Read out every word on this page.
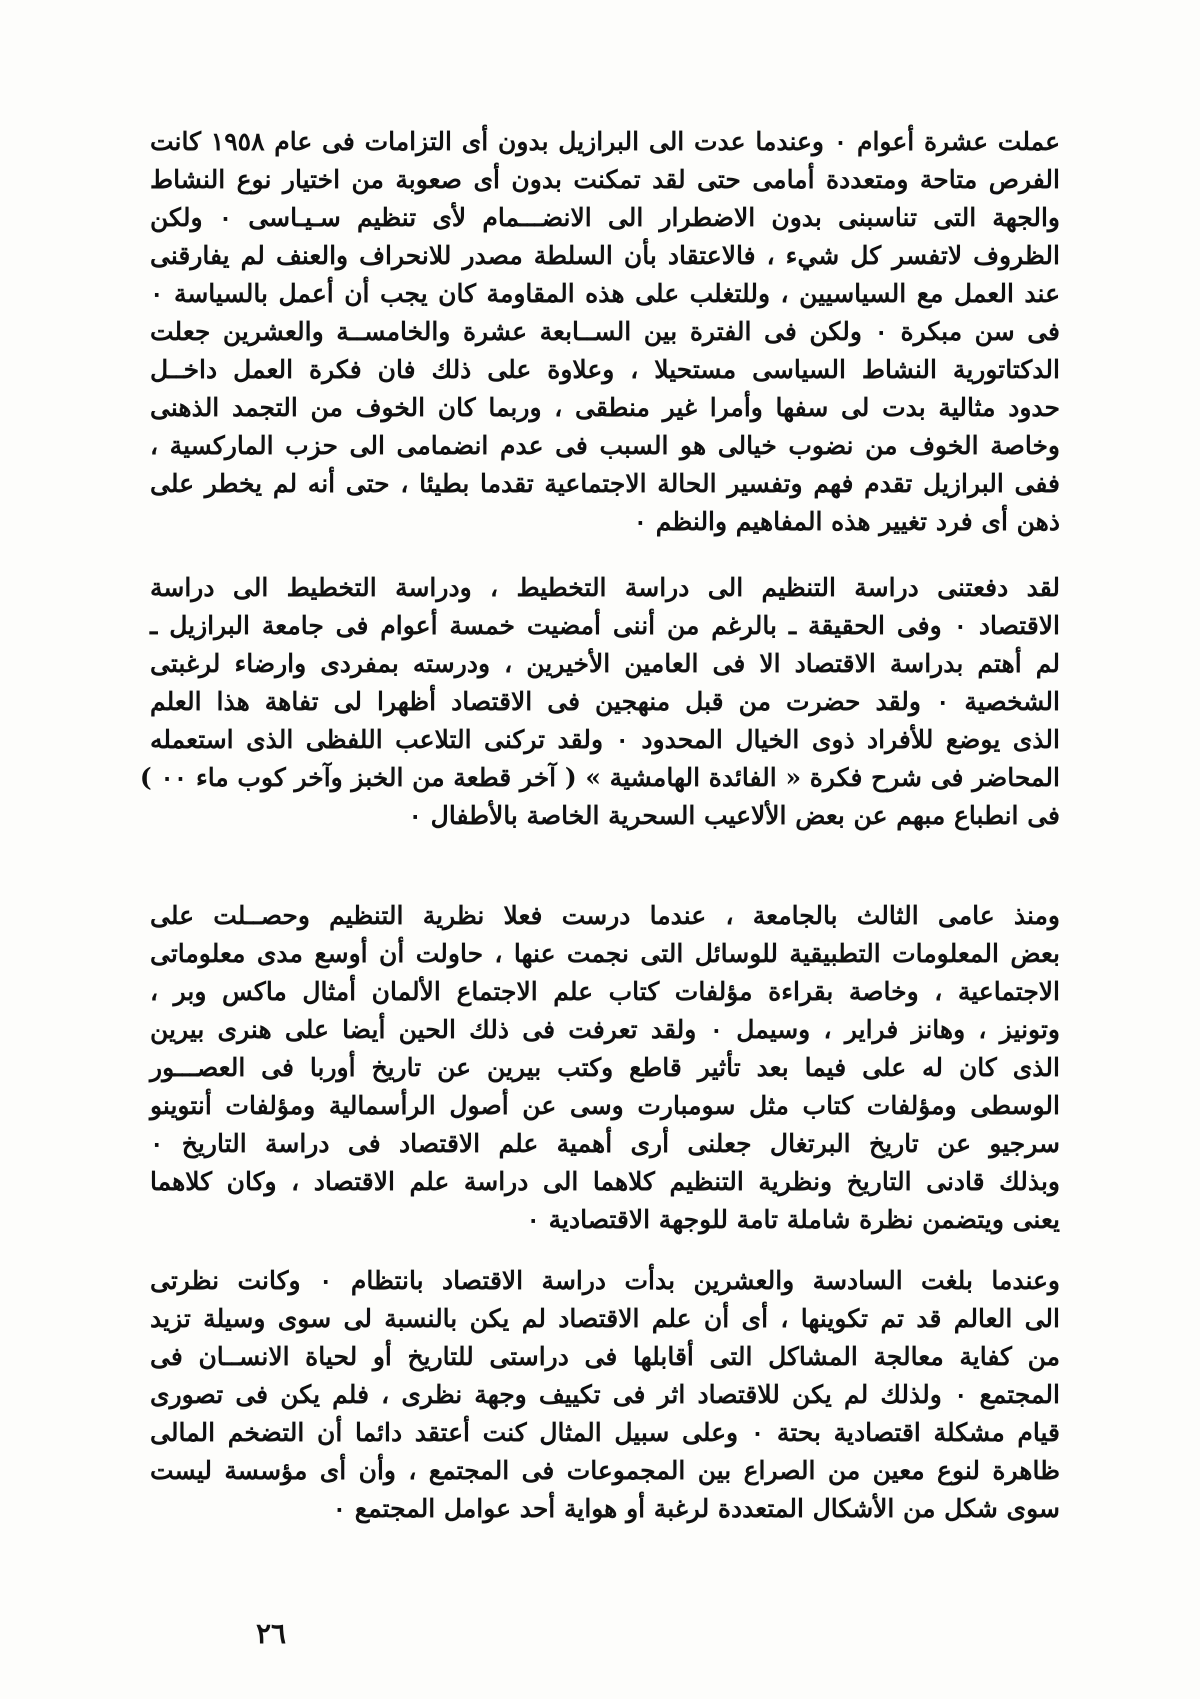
عملت عشرة أعوام ٠ وعندما عدت الى البرازيل بدون أى التزامات فى عام ١٩٥٨ كانت
الفرص متاحة ومتعددة أمامى حتى لقد تمكنت بدون أى صعوبة من اختيار نوع النشاط
والجهة التى تناسبنى بدون الاضطرار الى الانضـــمام لأى تنظيم سـيـاسى ٠ ولكن
الظروف لاتفسر كل شيء ، فالاعتقاد بأن السلطة مصدر للانحراف والعنف لم يفارقنى
عند العمل مع السياسيين ، وللتغلب على هذه المقاومة كان يجب أن أعمل بالسياسة ٠
فى سن مبكرة ٠ ولكن فى الفترة بين الســابعة عشرة والخامســة والعشرين جعلت
الدكتاتورية النشاط السياسى مستحيلا ، وعلاوة على ذلك فان فكرة العمل داخــل
حدود مثالية بدت لى سفها وأمرا غير منطقى ، وربما كان الخوف من التجمد الذهنى
وخاصة الخوف من نضوب خيالى هو السبب فى عدم انضمامى الى حزب الماركسية ،
ففى البرازيل تقدم فهم وتفسير الحالة الاجتماعية تقدما بطيئا ، حتى أنه لم يخطر على
ذهن أى فرد تغيير هذه المفاهيم والنظم ٠
لقد دفعتنى دراسة التنظيم الى دراسة التخطيط ، ودراسة التخطيط الى دراسة
الاقتصاد ٠ وفى الحقيقة ـ بالرغم من أننى أمضيت خمسة أعوام فى جامعة البرازيل ـ
لم أهتم بدراسة الاقتصاد الا فى العامين الأخيرين ، ودرسته بمفردى وارضاء لرغبتى
الشخصية ٠ ولقد حضرت من قبل منهجين فى الاقتصاد أظهرا لى تفاهة هذا العلم
الذى يوضع للأفراد ذوى الخيال المحدود ٠ ولقد تركنى التلاعب اللفظى الذى استعمله
المحاضر فى شرح فكرة « الفائدة الهامشية » ( آخر قطعة من الخبز وآخر كوب ماء ٠٠ )
فى انطباع مبهم عن بعض الألاعيب السحرية الخاصة بالأطفال ٠
ومنذ عامى الثالث بالجامعة ، عندما درست فعلا نظرية التنظيم وحصــلت على
بعض المعلومات التطبيقية للوسائل التى نجمت عنها ، حاولت أن أوسع مدى معلوماتى
الاجتماعية ، وخاصة بقراءة مؤلفات كتاب علم الاجتماع الألمان أمثال ماكس وبر ،
وتونيز ، وهانز فراير ، وسيمل ٠ ولقد تعرفت فى ذلك الحين أيضا على هنرى بيرين
الذى كان له على فيما بعد تأثير قاطع وكتب بيرين عن تاريخ أوربا فى العصـــور
الوسطى ومؤلفات كتاب مثل سومبارت وسى عن أصول الرأسمالية ومؤلفات أنتوينو
سرجيو عن تاريخ البرتغال جعلنى أرى أهمية علم الاقتصاد فى دراسة التاريخ ٠
وبذلك قادنى التاريخ ونظرية التنظيم كلاهما الى دراسة علم الاقتصاد ، وكان كلاهما
يعنى ويتضمن نظرة شاملة تامة للوجهة الاقتصادية ٠
وعندما بلغت السادسة والعشرين بدأت دراسة الاقتصاد بانتظام ٠ وكانت نظرتى
الى العالم قد تم تكوينها ، أى أن علم الاقتصاد لم يكن بالنسبة لى سوى وسيلة تزيد
من كفاية معالجة المشاكل التى أقابلها فى دراستى للتاريخ أو لحياة الانســان فى
المجتمع ٠ ولذلك لم يكن للاقتصاد اثر فى تكييف وجهة نظرى ، فلم يكن فى تصورى
قيام مشكلة اقتصادية بحتة ٠ وعلى سبيل المثال كنت أعتقد دائما أن التضخم المالى
ظاهرة لنوع معين من الصراع بين المجموعات فى المجتمع ، وأن أى مؤسسة ليست
سوى شكل من الأشكال المتعددة لرغبة أو هواية أحد عوامل المجتمع ٠
٢٦
